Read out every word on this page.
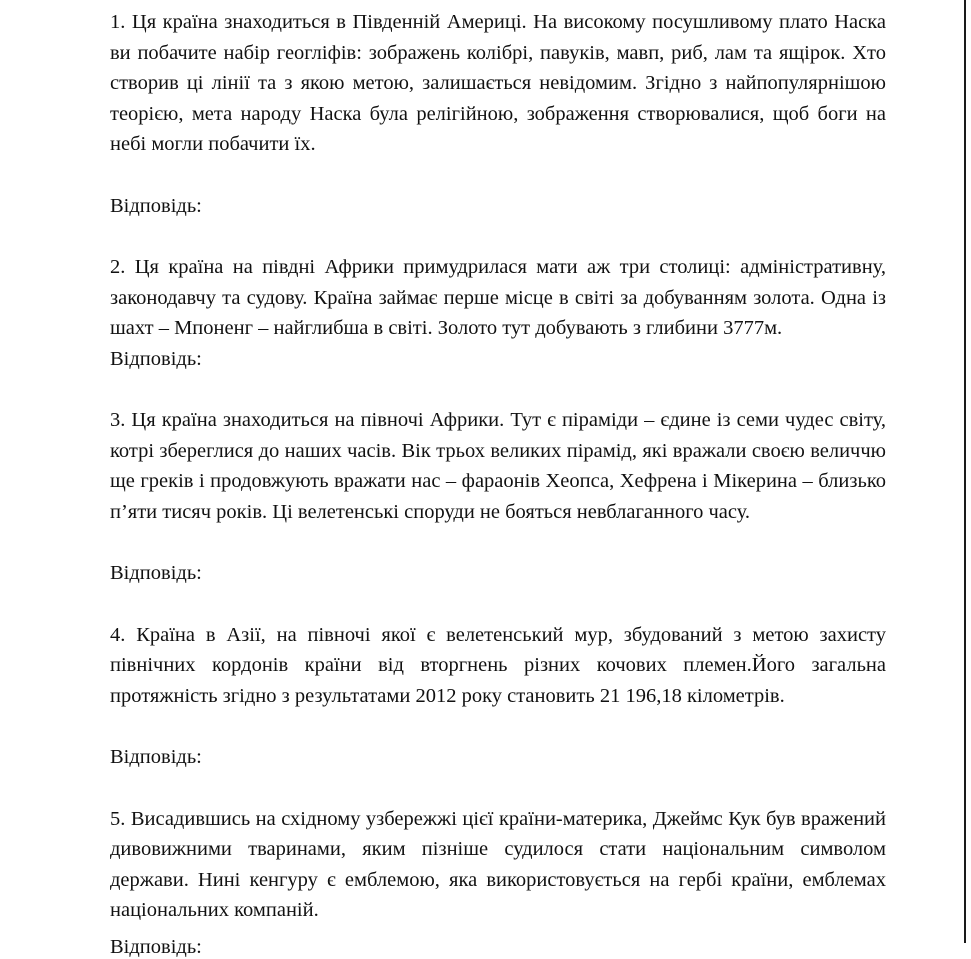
1. Ця країна знаходиться в Південній Америці. На високому посушливому плато Наска ви побачите набір геогліфів: зображень колібрі, павуків, мавп, риб, лам та ящірок. Хто створив ці лінії та з якою метою, залишається невідомим. Згідно з найпопулярнішою теорією, мета народу Наска була релігійною, зображення створювалися, щоб боги на небі могли побачити їх.

Відповідь:

2. Ця країна на півдні Африки примудрилася мати аж три столиці: адміністративну, законодавчу та судову. Країна займає перше місце в світі за добуванням золота. Одна із шахт – Мпоненг – найглибша в світі. Золото тут добувають з глибини 3777м.

Відповідь:

3. Ця країна знаходиться на півночі Африки. Тут є піраміди – єдине із семи чудес світу, котрі збереглися до наших часів. Вік трьох великих пірамід, які вражали своєю величчю ще греків і продовжують вражати нас – фараонів Хеопса, Хефрена і Мікерина – близько п’яти тисяч років. Ці велетенські споруди не бояться невблаганного часу.

Відповідь:

4. Країна в Азії, на півночі якої є велетенський мур, збудований з метою захисту північних кордонів країни від вторгнень різних кочових племен.Його загальна протяжність згідно з результатами 2012 року становить 21 196,18 кілометрів.

Відповідь:

5. Висадившись на східному узбережжі цієї країни-материка, Джеймс Кук був вражений дивовижними тваринами, яким пізніше судилося стати національним символом держави. Нині кенгуру є емблемою, яка використовується на гербі країни, емблемах національних компаній.

Відповідь:
